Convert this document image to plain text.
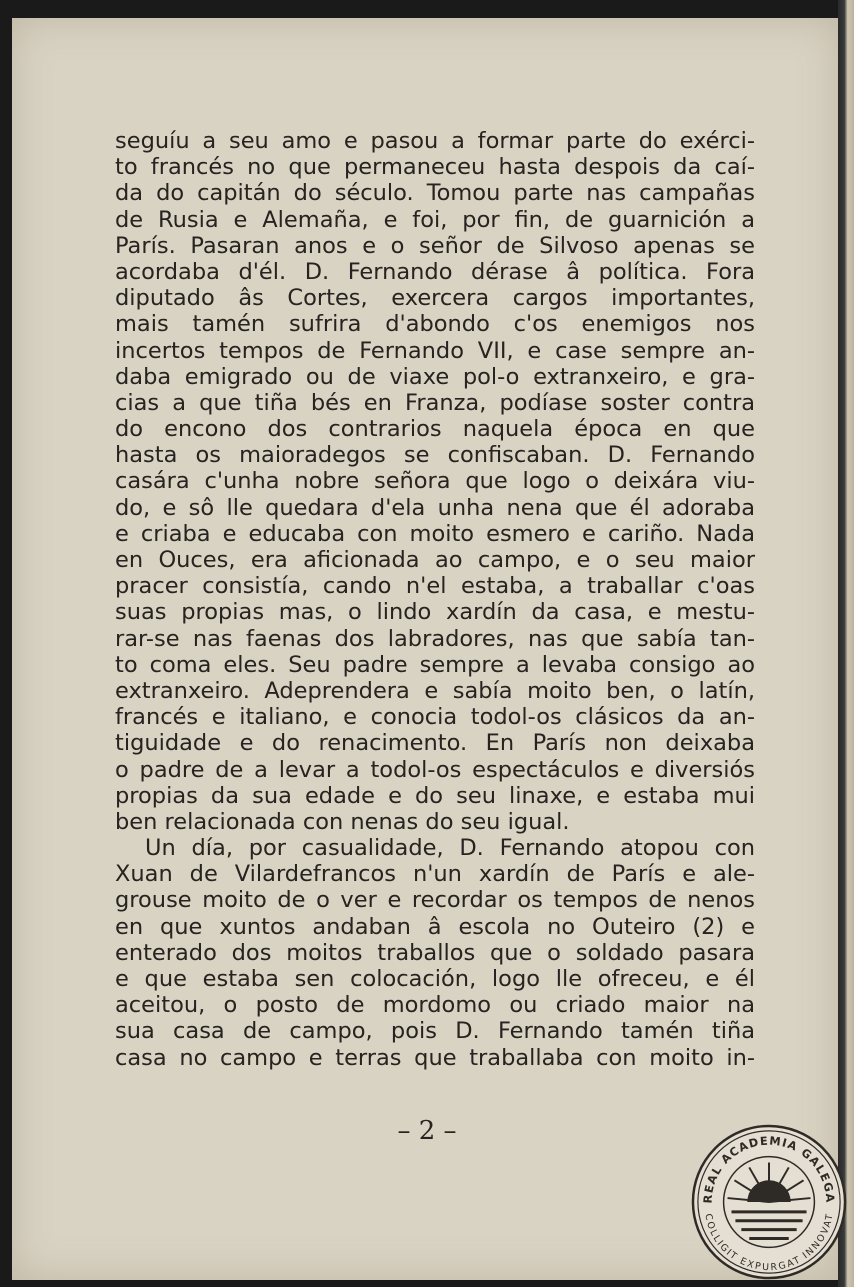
seguíu a seu amo e pasou a formar parte do exérci-
to francés no que permaneceu hasta despois da caí-
da do capitán do século. Tomou parte nas campañas
de Rusia e Alemaña, e foi, por fin, de guarnición a
París. Pasaran anos e o señor de Silvoso apenas se
acordaba d'él. D. Fernando dérase â política. Fora
diputado âs Cortes, exercera cargos importantes,
mais tamén sufrira d'abondo c'os enemigos nos
incertos tempos de Fernando VII, e case sempre an-
daba emigrado ou de viaxe pol-o extranxeiro, e gra-
cias a que tiña bés en Franza, podíase soster contra
do encono dos contrarios naquela época en que
hasta os maioradegos se confiscaban. D. Fernando
casára c'unha nobre señora que logo o deixára viu-
do, e sô lle quedara d'ela unha nena que él adoraba
e criaba e educaba con moito esmero e cariño. Nada
en Ouces, era aficionada ao campo, e o seu maior
pracer consistía, cando n'el estaba, a traballar c'oas
suas propias mas, o lindo xardín da casa, e mestu-
rar-se nas faenas dos labradores, nas que sabía tan-
to coma eles. Seu padre sempre a levaba consigo ao
extranxeiro. Adeprendera e sabía moito ben, o latín,
francés e italiano, e conocia todol-os clásicos da an-
tiguidade e do renacimento. En París non deixaba
o padre de a levar a todol-os espectáculos e diversiós
propias da sua edade e do seu linaxe, e estaba mui
ben relacionada con nenas do seu igual.
Un día, por casualidade, D. Fernando atopou con
Xuan de Vilardefrancos n'un xardín de París e ale-
grouse moito de o ver e recordar os tempos de nenos
en que xuntos andaban â escola no Outeiro (2) e
enterado dos moitos traballos que o soldado pasara
e que estaba sen colocación, logo lle ofreceu, e él
aceitou, o posto de mordomo ou criado maior na
sua casa de campo, pois D. Fernando tamén tiña
casa no campo e terras que traballaba con moito in-
– 2 –
REAL ACADEMIA GALEGA
COLLIGIT EXPURGAT INNOVAT
